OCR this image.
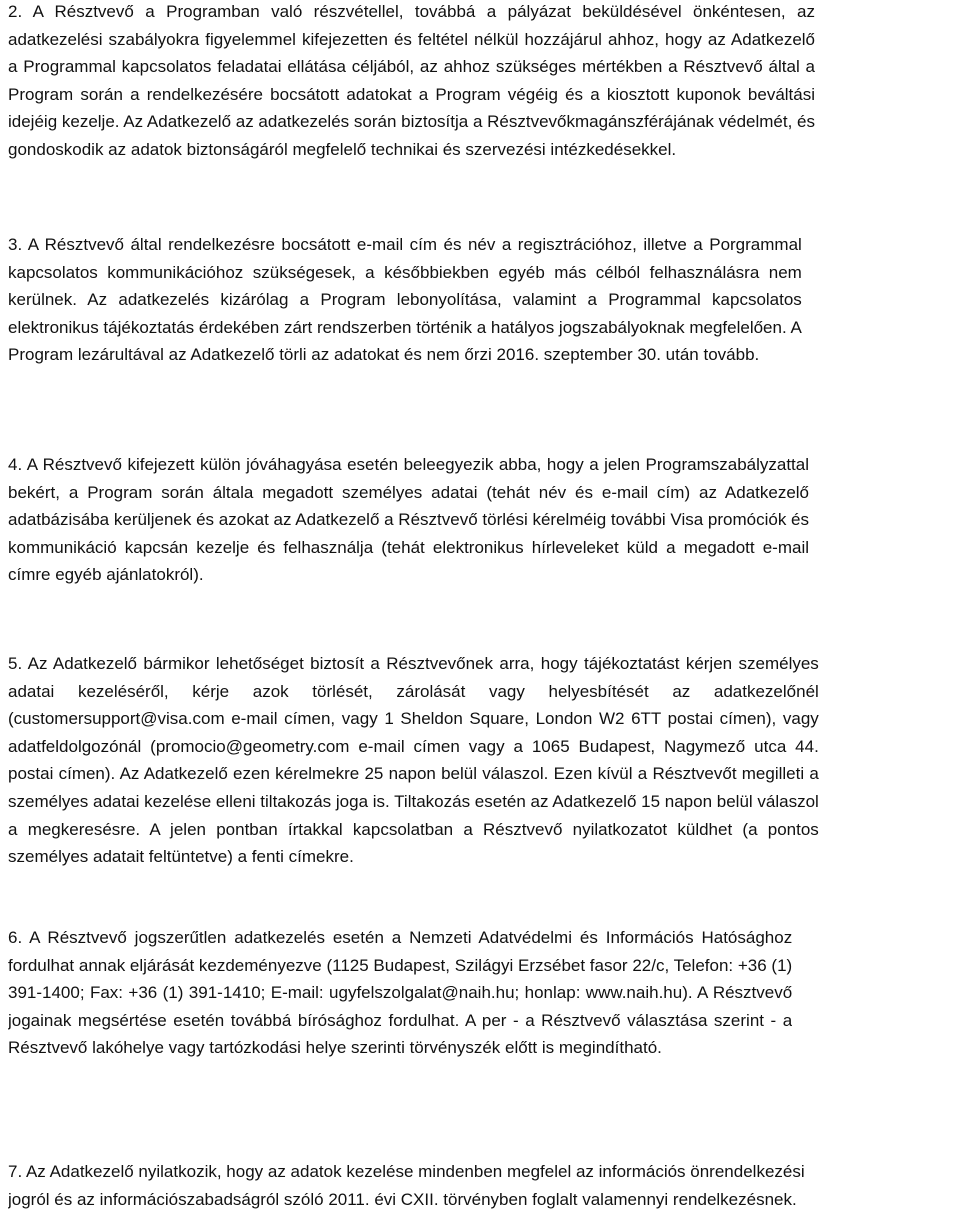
2. A Résztvevő a Programban való részvétellel, továbbá a pályázat beküldésével önkéntesen, az
adatkezelési szabályokra figyelemmel kifejezetten és feltétel nélkül hozzájárul ahhoz, hogy az Adatkezelő
a Programmal kapcsolatos feladatai ellátása céljából, az ahhoz szükséges mértékben a Résztvevő által a
Program során a rendelkezésére bocsátott adatokat a Program végéig és a kiosztott kuponok beváltási
idejéig kezelje. Az Adatkezelő az adatkezelés során biztosítja a Résztvevőkmagánszférájának védelmét, és
gondoskodik az adatok biztonságáról megfelelő technikai és szervezési intézkedésekkel.

3. A Résztvevő által rendelkezésre bocsátott e-mail cím és név a regisztrációhoz, illetve a Porgrammal
kapcsolatos kommunikációhoz szükségesek, a későbbiekben egyéb más célból felhasználásra nem
kerülnek. Az adatkezelés kizárólag a Program lebonyolítása, valamint a Programmal kapcsolatos
elektronikus tájékoztatás érdekében zárt rendszerben történik a hatályos jogszabályoknak megfelelően. A
Program lezárultával az Adatkezelő törli az adatokat és nem őrzi 2016. szeptember 30. után tovább.

4. A Résztvevő kifejezett külön jóváhagyása esetén beleegyezik abba, hogy a jelen Programszabályzattal
bekért, a Program során általa megadott személyes adatai (tehát név és e-mail cím) az Adatkezelő
adatbázisába kerüljenek és azokat az Adatkezelő a Résztvevő törlési kérelméig további Visa promóciók és
kommunikáció kapcsán kezelje és felhasználja (tehát elektronikus hírleveleket küld a megadott e-mail
címre egyéb ajánlatokról).

5. Az Adatkezelő bármikor lehetőséget biztosít a Résztvevőnek arra, hogy tájékoztatást kérjen személyes
adatai kezeléséről, kérje azok törlését, zárolását vagy helyesbítését az adatkezelőnél
(customersupport@visa.com e-mail címen, vagy 1 Sheldon Square, London W2 6TT postai címen), vagy
adatfeldolgozónál (promocio@geometry.com e-mail címen vagy a 1065 Budapest, Nagymező utca 44.
postai címen). Az Adatkezelő ezen kérelmekre 25 napon belül válaszol. Ezen kívül a Résztvevőt megilleti a
személyes adatai kezelése elleni tiltakozás joga is. Tiltakozás esetén az Adatkezelő 15 napon belül válaszol
a megkeresésre. A jelen pontban írtakkal kapcsolatban a Résztvevő nyilatkozatot küldhet (a pontos
személyes adatait feltüntetve) a fenti címekre.

6. A Résztvevő jogszerűtlen adatkezelés esetén a Nemzeti Adatvédelmi és Információs Hatósághoz
fordulhat annak eljárását kezdeményezve (1125 Budapest, Szilágyi Erzsébet fasor 22/c, Telefon: +36 (1)
391-1400; Fax: +36 (1) 391-1410; E-mail: ugyfelszolgalat@naih.hu; honlap: www.naih.hu). A Résztvevő
jogainak megsértése esetén továbbá bírósághoz fordulhat. A per - a Résztvevő választása szerint - a
Résztvevő lakóhelye vagy tartózkodási helye szerinti törvényszék előtt is megindítható.

7. Az Adatkezelő nyilatkozik, hogy az adatok kezelése mindenben megfelel az információs önrendelkezési
jogról és az információszabadságról szóló 2011. évi CXII. törvényben foglalt valamennyi rendelkezésnek.
